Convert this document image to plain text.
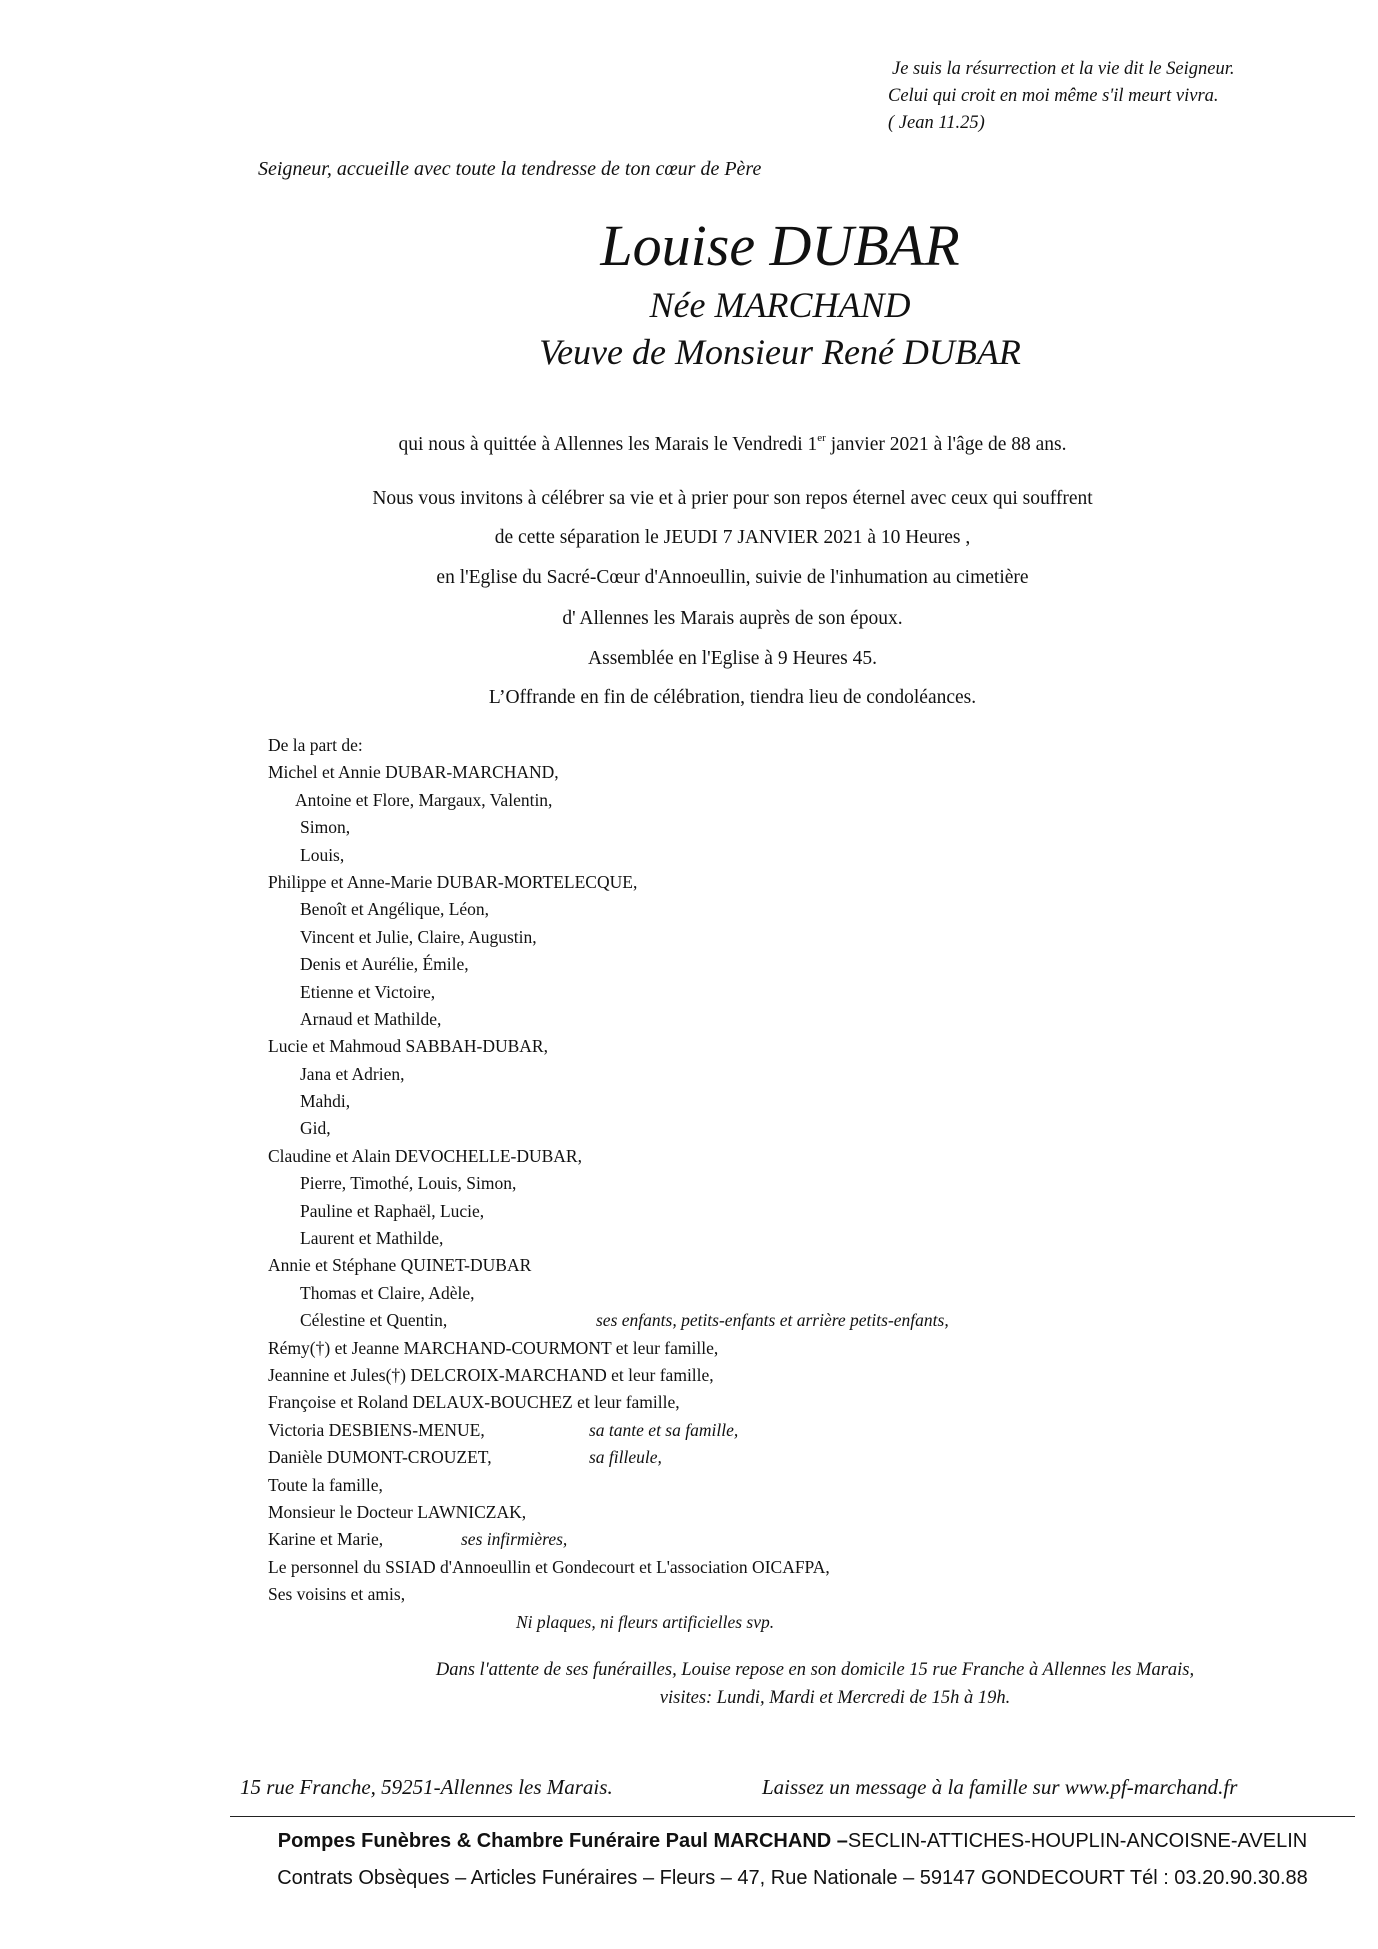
Je suis la résurrection et la vie dit le Seigneur.
Celui qui croit en moi même s'il meurt vivra.
( Jean 11.25)
Seigneur, accueille avec toute la tendresse de ton cœur de Père
Louise DUBAR
Née MARCHAND
Veuve de Monsieur René DUBAR
qui nous à quittée à Allennes les Marais le Vendredi 1er janvier 2021 à l'âge de 88 ans.
Nous vous invitons à célébrer sa vie et à prier pour son repos éternel avec ceux qui souffrent
de cette séparation le JEUDI 7 JANVIER 2021 à 10 Heures ,
en l'Eglise du Sacré-Cœur d'Annoeullin, suivie de l'inhumation au cimetière
d' Allennes les Marais auprès de son époux.
Assemblée en l'Eglise à 9 Heures 45.
L’Offrande en fin de célébration, tiendra lieu de condoléances.
De la part de:
Michel et Annie DUBAR-MARCHAND,
Antoine et Flore, Margaux, Valentin,
Simon,
Louis,
Philippe et Anne-Marie DUBAR-MORTELECQUE,
Benoît et Angélique, Léon,
Vincent et Julie, Claire, Augustin,
Denis et Aurélie, Émile,
Etienne et Victoire,
Arnaud et Mathilde,
Lucie et Mahmoud SABBAH-DUBAR,
Jana et Adrien,
Mahdi,
Gid,
Claudine et Alain DEVOCHELLE-DUBAR,
Pierre, Timothé, Louis, Simon,
Pauline et Raphaël, Lucie,
Laurent et Mathilde,
Annie et Stéphane QUINET-DUBAR
Thomas et Claire, Adèle,
Célestine et Quentin,	ses enfants, petits-enfants et arrière petits-enfants,
Rémy(†) et Jeanne MARCHAND-COURMONT et leur famille,
Jeannine et Jules(†) DELCROIX-MARCHAND et leur famille,
Françoise et Roland DELAUX-BOUCHEZ et leur famille,
Victoria DESBIENS-MENUE,	sa tante et sa famille,
Danièle DUMONT-CROUZET,	sa filleule,
Toute la famille,
Monsieur le Docteur LAWNICZAK,
Karine et Marie,	ses infirmières,
Le personnel du SSIAD d'Annoeullin et Gondecourt et L'association OICAFPA,
Ses voisins et amis,
Ni plaques, ni fleurs artificielles svp.
Dans l'attente de ses funérailles, Louise repose en son domicile 15 rue Franche à Allennes les Marais,
visites: Lundi, Mardi et Mercredi de 15h à 19h.
15 rue Franche, 59251-Allennes les Marais.	Laissez un message à la famille sur www.pf-marchand.fr
Pompes Funèbres & Chambre Funéraire Paul MARCHAND –SECLIN-ATTICHES-HOUPLIN-ANCOISNE-AVELIN
Contrats Obsèques – Articles Funéraires – Fleurs – 47, Rue Nationale – 59147 GONDECOURT Tél : 03.20.90.30.88
